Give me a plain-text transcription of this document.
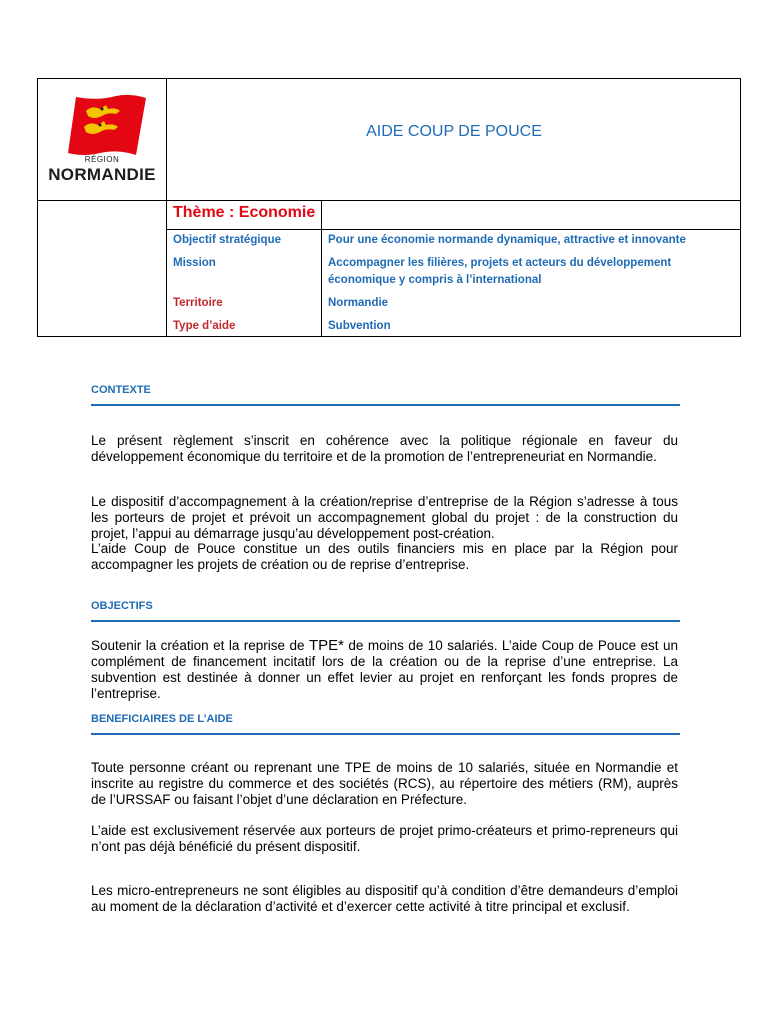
RÉGION
NORMANDIE
AIDE COUP DE POUCE
Thème : Economie
Objectif stratégique	Pour une économie normande dynamique, attractive et innovante
Mission	Accompagner les filières, projets et acteurs du développement économique y compris à l’international
Territoire	Normandie
Type d’aide	Subvention
CONTEXTE

Le présent règlement s’inscrit en cohérence avec la politique régionale en faveur du développement économique du territoire et de la promotion de l’entrepreneuriat en Normandie.

Le dispositif d’accompagnement à la création/reprise d’entreprise de la Région s’adresse à tous les porteurs de projet et prévoit un accompagnement global du projet : de la construction du projet, l’appui au démarrage jusqu’au développement post-création.

L’aide Coup de Pouce constitue un des outils financiers mis en place par la Région pour accompagner les projets de création ou de reprise d’entreprise.

OBJECTIFS

Soutenir la création et la reprise de TPE* de moins de 10 salariés. L’aide Coup de Pouce est un complément de financement incitatif lors de la création ou de la reprise d’une entreprise. La subvention est destinée à donner un effet levier au projet en renforçant les fonds propres de l’entreprise.

BENEFICIAIRES DE L’AIDE

Toute personne créant ou reprenant une TPE de moins de 10 salariés, située en Normandie et inscrite au registre du commerce et des sociétés (RCS), au répertoire des métiers (RM), auprès de l’URSSAF ou faisant l’objet d’une déclaration en Préfecture.

L’aide est exclusivement réservée aux porteurs de projet primo-créateurs et primo-repreneurs qui n’ont pas déjà bénéficié du présent dispositif.

Les micro-entrepreneurs ne sont éligibles au dispositif qu’à condition d’être demandeurs d’emploi au moment de la déclaration d’activité et d’exercer cette activité à titre principal et exclusif.
